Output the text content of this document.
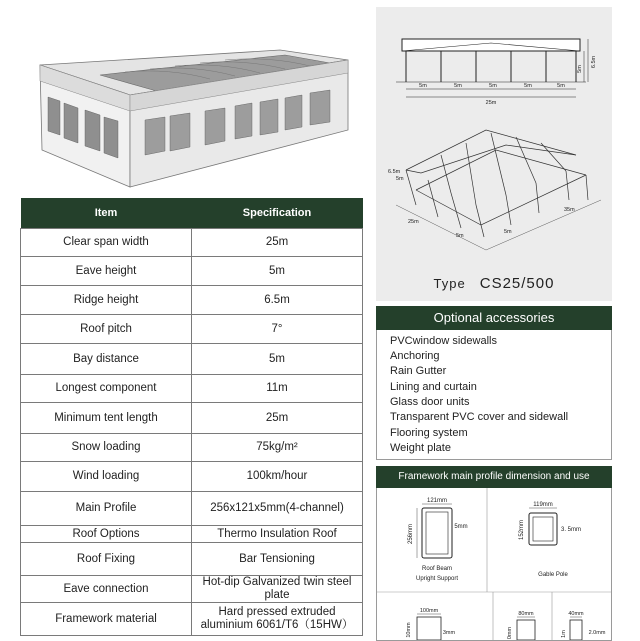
Item	Specification
Clear span width	25m
Eave height	5m
Ridge height	6.5m
Roof pitch	7°
Bay distance	5m
Longest component	11m
Minimum tent length	25m
Snow loading	75kg/m²
Wind loading	100km/hour
Main Profile	256x121x5mm(4-channel)
Roof Options	Thermo Insulation Roof
Roof Fixing	Bar Tensioning
Eave connection	Hot-dip Galvanized twin steel plate
Framework material	Hard pressed extruded aluminium 6061/T6（15HW）
5m	5m	5m	5m	5m
25m
5m
6.5m
6.5m
5m
25m
5m
5m
35m
Type CS25/500
Optional accessories
PVCwindow sidewalls
Anchoring
Rain Gutter
Lining and curtain
Glass door units
Transparent PVC cover and sidewall
Flooring system
Weight plate
Framework main profile dimension and use
121mm
256mm	5mm
Roof Beam
Upright Support
119mm
152mm	3. 5mm
Gable Pole
100mm
10mm	3mm
80mm
0mm
40mm
1m	2.0mm
